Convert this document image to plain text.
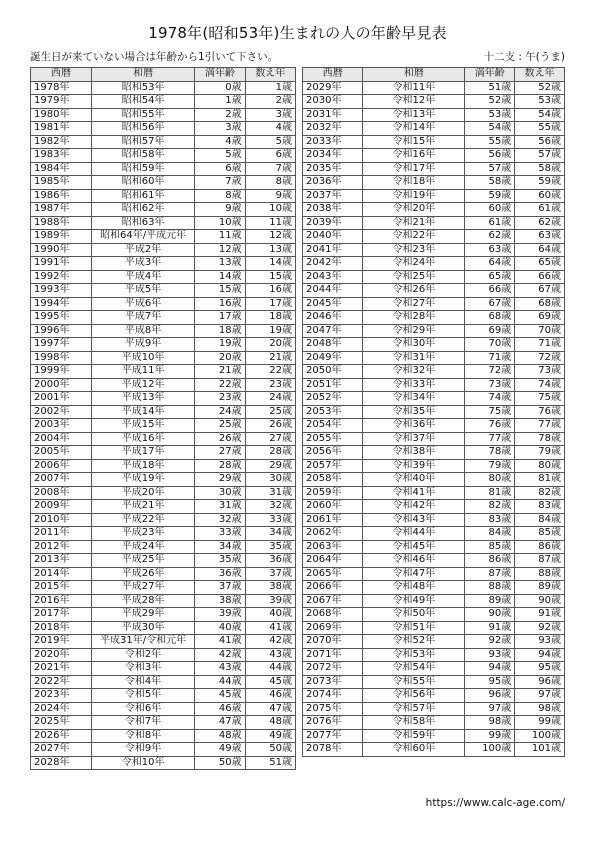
1978年(昭和53年)生まれの人の年齢早見表
誕生日が来ていない場合は年齢から1引いて下さい。	十二支 : 午(うま)
西暦	和暦	満年齢	数え年
1978年	昭和53年	0歳	1歳
1979年	昭和54年	1歳	2歳
1980年	昭和55年	2歳	3歳
1981年	昭和56年	3歳	4歳
1982年	昭和57年	4歳	5歳
1983年	昭和58年	5歳	6歳
1984年	昭和59年	6歳	7歳
1985年	昭和60年	7歳	8歳
1986年	昭和61年	8歳	9歳
1987年	昭和62年	9歳	10歳
1988年	昭和63年	10歳	11歳
1989年	昭和64年/平成元年	11歳	12歳
1990年	平成2年	12歳	13歳
1991年	平成3年	13歳	14歳
1992年	平成4年	14歳	15歳
1993年	平成5年	15歳	16歳
1994年	平成6年	16歳	17歳
1995年	平成7年	17歳	18歳
1996年	平成8年	18歳	19歳
1997年	平成9年	19歳	20歳
1998年	平成10年	20歳	21歳
1999年	平成11年	21歳	22歳
2000年	平成12年	22歳	23歳
2001年	平成13年	23歳	24歳
2002年	平成14年	24歳	25歳
2003年	平成15年	25歳	26歳
2004年	平成16年	26歳	27歳
2005年	平成17年	27歳	28歳
2006年	平成18年	28歳	29歳
2007年	平成19年	29歳	30歳
2008年	平成20年	30歳	31歳
2009年	平成21年	31歳	32歳
2010年	平成22年	32歳	33歳
2011年	平成23年	33歳	34歳
2012年	平成24年	34歳	35歳
2013年	平成25年	35歳	36歳
2014年	平成26年	36歳	37歳
2015年	平成27年	37歳	38歳
2016年	平成28年	38歳	39歳
2017年	平成29年	39歳	40歳
2018年	平成30年	40歳	41歳
2019年	平成31年/令和元年	41歳	42歳
2020年	令和2年	42歳	43歳
2021年	令和3年	43歳	44歳
2022年	令和4年	44歳	45歳
2023年	令和5年	45歳	46歳
2024年	令和6年	46歳	47歳
2025年	令和7年	47歳	48歳
2026年	令和8年	48歳	49歳
2027年	令和9年	49歳	50歳
2028年	令和10年	50歳	51歳
西暦	和暦	満年齢	数え年
2029年	令和11年	51歳	52歳
2030年	令和12年	52歳	53歳
2031年	令和13年	53歳	54歳
2032年	令和14年	54歳	55歳
2033年	令和15年	55歳	56歳
2034年	令和16年	56歳	57歳
2035年	令和17年	57歳	58歳
2036年	令和18年	58歳	59歳
2037年	令和19年	59歳	60歳
2038年	令和20年	60歳	61歳
2039年	令和21年	61歳	62歳
2040年	令和22年	62歳	63歳
2041年	令和23年	63歳	64歳
2042年	令和24年	64歳	65歳
2043年	令和25年	65歳	66歳
2044年	令和26年	66歳	67歳
2045年	令和27年	67歳	68歳
2046年	令和28年	68歳	69歳
2047年	令和29年	69歳	70歳
2048年	令和30年	70歳	71歳
2049年	令和31年	71歳	72歳
2050年	令和32年	72歳	73歳
2051年	令和33年	73歳	74歳
2052年	令和34年	74歳	75歳
2053年	令和35年	75歳	76歳
2054年	令和36年	76歳	77歳
2055年	令和37年	77歳	78歳
2056年	令和38年	78歳	79歳
2057年	令和39年	79歳	80歳
2058年	令和40年	80歳	81歳
2059年	令和41年	81歳	82歳
2060年	令和42年	82歳	83歳
2061年	令和43年	83歳	84歳
2062年	令和44年	84歳	85歳
2063年	令和45年	85歳	86歳
2064年	令和46年	86歳	87歳
2065年	令和47年	87歳	88歳
2066年	令和48年	88歳	89歳
2067年	令和49年	89歳	90歳
2068年	令和50年	90歳	91歳
2069年	令和51年	91歳	92歳
2070年	令和52年	92歳	93歳
2071年	令和53年	93歳	94歳
2072年	令和54年	94歳	95歳
2073年	令和55年	95歳	96歳
2074年	令和56年	96歳	97歳
2075年	令和57年	97歳	98歳
2076年	令和58年	98歳	99歳
2077年	令和59年	99歳	100歳
2078年	令和60年	100歳	101歳
https://www.calc-age.com/
